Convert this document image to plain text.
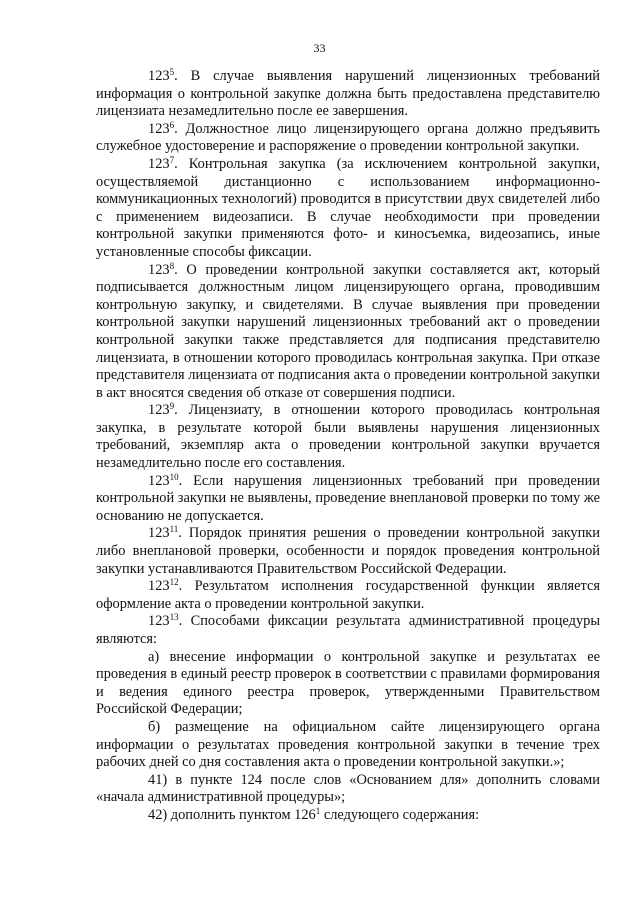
33

$123^5$. В случае выявления нарушений лицензионных требований информация о контрольной закупке должна быть предоставлена представителю лицензиата незамедлительно после ее завершения.

$123^6$. Должностное лицо лицензирующего органа должно предъявить служебное удостоверение и распоряжение о проведении контрольной закупки.

$123^7$. Контрольная закупка (за исключением контрольной закупки, осуществляемой дистанционно с использованием информационно-коммуникационных технологий) проводится в присутствии двух свидетелей либо с применением видеозаписи. В случае необходимости при проведении контрольной закупки применяются фото- и киносъемка, видеозапись, иные установленные способы фиксации.

$123^8$. О проведении контрольной закупки составляется акт, который подписывается должностным лицом лицензирующего органа, проводившим контрольную закупку, и свидетелями. В случае выявления при проведении контрольной закупки нарушений лицензионных требований акт о проведении контрольной закупки также представляется для подписания представителю лицензиата, в отношении которого проводилась контрольная закупка. При отказе представителя лицензиата от подписания акта о проведении контрольной закупки в акт вносятся сведения об отказе от совершения подписи.

$123^9$. Лицензиату, в отношении которого проводилась контрольная закупка, в результате которой были выявлены нарушения лицензионных требований, экземпляр акта о проведении контрольной закупки вручается незамедлительно после его составления.

$123^{10}$. Если нарушения лицензионных требований при проведении контрольной закупки не выявлены, проведение внеплановой проверки по тому же основанию не допускается.

$123^{11}$. Порядок принятия решения о проведении контрольной закупки либо внеплановой проверки, особенности и порядок проведения контрольной закупки устанавливаются Правительством Российской Федерации.

$123^{12}$. Результатом исполнения государственной функции является оформление акта о проведении контрольной закупки.

$123^{13}$. Способами фиксации результата административной процедуры являются:

а) внесение информации о контрольной закупке и результатах ее проведения в единый реестр проверок в соответствии с правилами формирования и ведения единого реестра проверок, утвержденными Правительством Российской Федерации;

б) размещение на официальном сайте лицензирующего органа информации о результатах проведения контрольной закупки в течение трех рабочих дней со дня составления акта о проведении контрольной закупки.»;

41) в пункте 124 после слов «Основанием для» дополнить словами «начала административной процедуры»;

42) дополнить пунктом $126^1$ следующего содержания:
